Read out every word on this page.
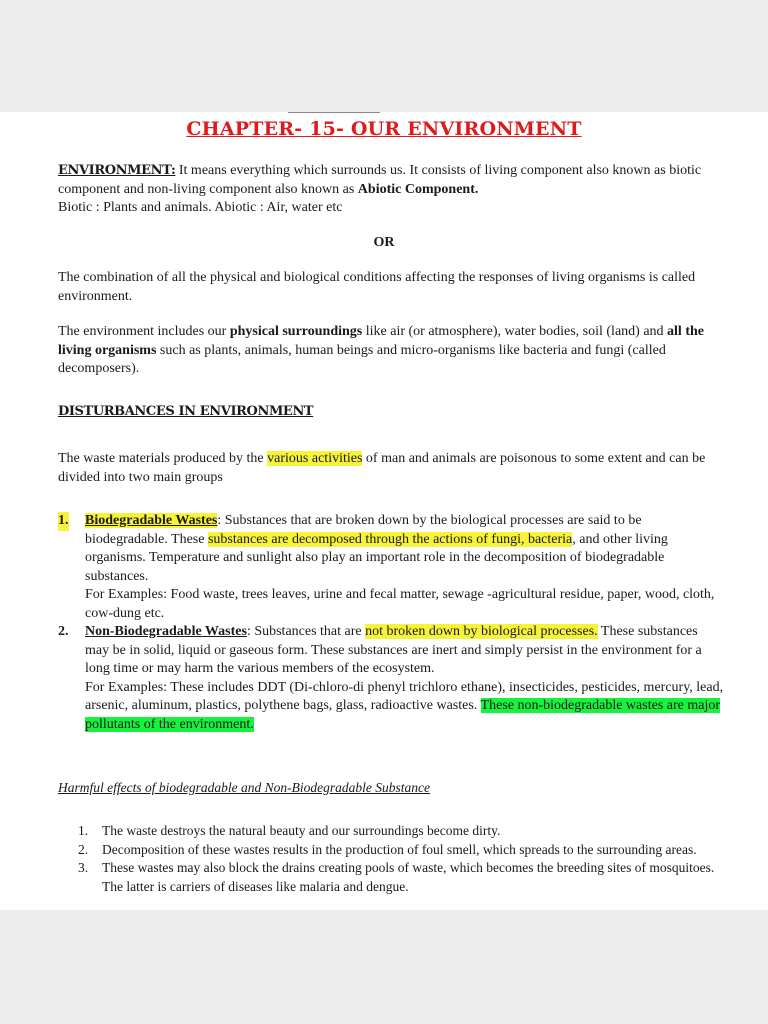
CHAPTER- 15- OUR ENVIRONMENT

ENVIRONMENT: It means everything which surrounds us. It consists of living component also known as biotic component and non-living component also known as Abiotic Component.
Biotic : Plants and animals. Abiotic : Air, water etc

OR

The combination of all the physical and biological conditions affecting the responses of living organisms is called environment.

The environment includes our physical surroundings like air (or atmosphere), water bodies, soil (land) and all the living organisms such as plants, animals, human beings and micro-organisms like bacteria and fungi (called decomposers).

DISTURBANCES IN ENVIRONMENT

The waste materials produced by the various activities of man and animals are poisonous to some extent and can be divided into two main groups

1. Biodegradable Wastes: Substances that are broken down by the biological processes are said to be biodegradable. These substances are decomposed through the actions of fungi, bacteria, and other living organisms. Temperature and sunlight also play an important role in the decomposition of biodegradable substances.
For Examples: Food waste, trees leaves, urine and fecal matter, sewage -agricultural residue, paper, wood, cloth, cow-dung etc.
2. Non-Biodegradable Wastes: Substances that are not broken down by biological processes. These substances may be in solid, liquid or gaseous form. These substances are inert and simply persist in the environment for a long time or may harm the various members of the ecosystem.
For Examples: These includes DDT (Di-chloro-di phenyl trichloro ethane), insecticides, pesticides, mercury, lead, arsenic, aluminum, plastics, polythene bags, glass, radioactive wastes. These non-biodegradable wastes are major pollutants of the environment.
Harmful effects of biodegradable and Non-Biodegradable Substance
1. The waste destroys the natural beauty and our surroundings become dirty.
2. Decomposition of these wastes results in the production of foul smell, which spreads to the surrounding areas.
3. These wastes may also block the drains creating pools of waste, which becomes the breeding sites of mosquitoes. The latter is carriers of diseases like malaria and dengue.
